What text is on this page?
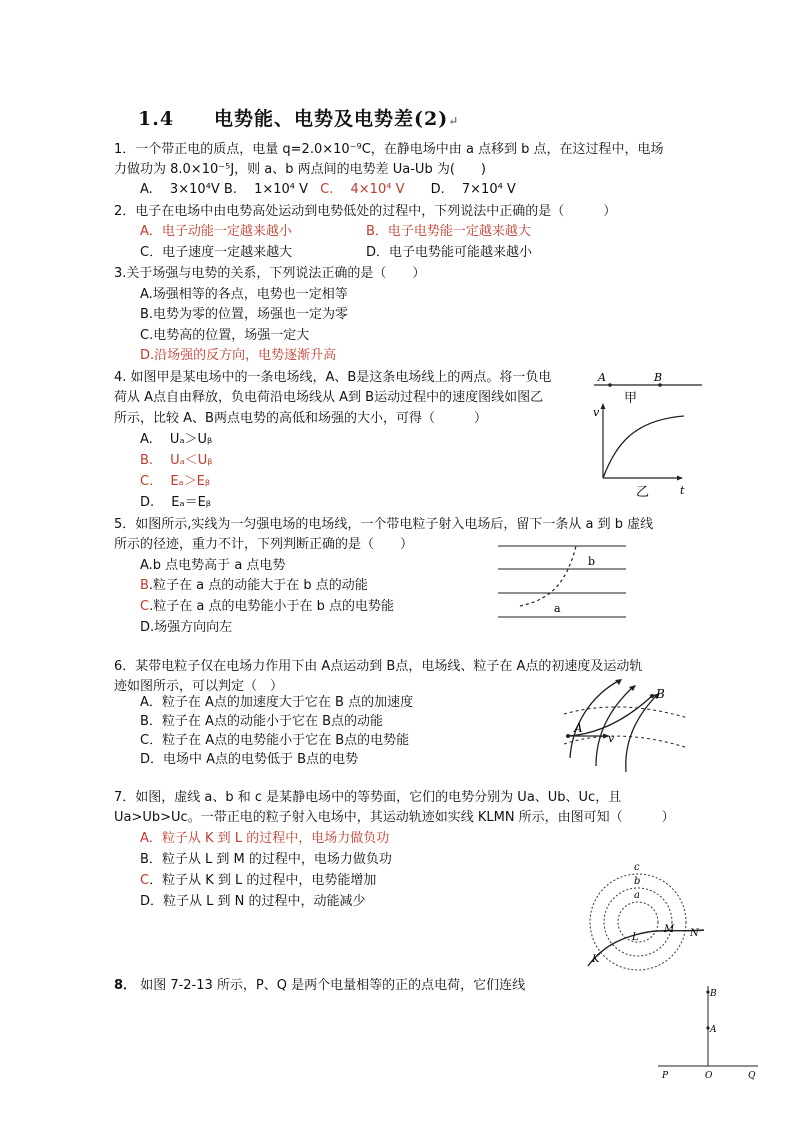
1.4　　电势能、电势及电势差(2)↵
1．一个带正电的质点，电量 q=2.0×10⁻⁹C，在静电场中由 a 点移到 b 点，在这过程中，电场
力做功为 8.0×10⁻⁵J，则 a、b 两点间的电势差 Ua-Ub 为(　　)
A.　 3×10⁴V B.　 1×10⁴ V C.　 4×10⁴ V D.　 7×10⁴ V
2．电子在电场中由电势高处运动到电势低处的过程中，下列说法中正确的是（　　　）
A．电子动能一定越来越小	B．电子电势能一定越来越大
C．电子速度一定越来越大	D．电子电势能可能越来越小
3.关于场强与电势的关系，下列说法正确的是（　　）
A.场强相等的各点，电势也一定相等
B.电势为零的位置，场强也一定为零
C.电势高的位置，场强一定大
D.沿场强的反方向，电势逐渐升高
4. 如图甲是某电场中的一条电场线，A、B是这条电场线上的两点。将一负电
荷从 A点自由释放，负电荷沿电场线从 A到 B运动过程中的速度图线如图乙
所示，比较 A、B两点电势的高低和场强的大小，可得（　　　）
A.　 Uₐ＞Uᵦ
B.　 Uₐ＜Uᵦ
C.　 Eₐ＞Eᵦ
D.　 Eₐ＝Eᵦ
A	B
甲
v
乙	t
5．如图所示,实线为一匀强电场的电场线，一个带电粒子射入电场后，留下一条从 a 到 b 虚线
所示的径迹，重力不计，下列判断正确的是（　　）
A.b 点电势高于 a 点电势
B.粒子在 a 点的动能大于在 b 点的动能
C.粒子在 a 点的电势能小于在 b 点的电势能
D.场强方向向左
a
b
6．某带电粒子仅在电场力作用下由 A点运动到 B点，电场线、粒子在 A点的初速度及运动轨
迹如图所示，可以判定（　）
A．粒子在 A点的加速度大于它在 B 点的加速度
B．粒子在 A点的动能小于它在 B点的动能
C．粒子在 A点的电势能小于它在 B点的电势能
D．电场中 A点的电势低于 B点的电势
A
B
v
7．如图，虚线 a、b 和 c 是某静电场中的等势面，它们的电势分别为 Ua、Ub、Uc，且
Ua>Ub>Uc。一带正电的粒子射入电场中，其运动轨迹如实线 KLMN 所示，由图可知（　　　）
A．粒子从 K 到 L 的过程中，电场力做负功
B．粒子从 L 到 M 的过程中，电场力做负功
C．粒子从 K 到 L 的过程中，电势能增加
D．粒子从 L 到 N 的过程中，动能减少	a
b
c
K
L
M N
8． 如图 7-2-13 所示，P、Q 是两个电量相等的正的点电荷，它们连线
B
A
P	O	Q
